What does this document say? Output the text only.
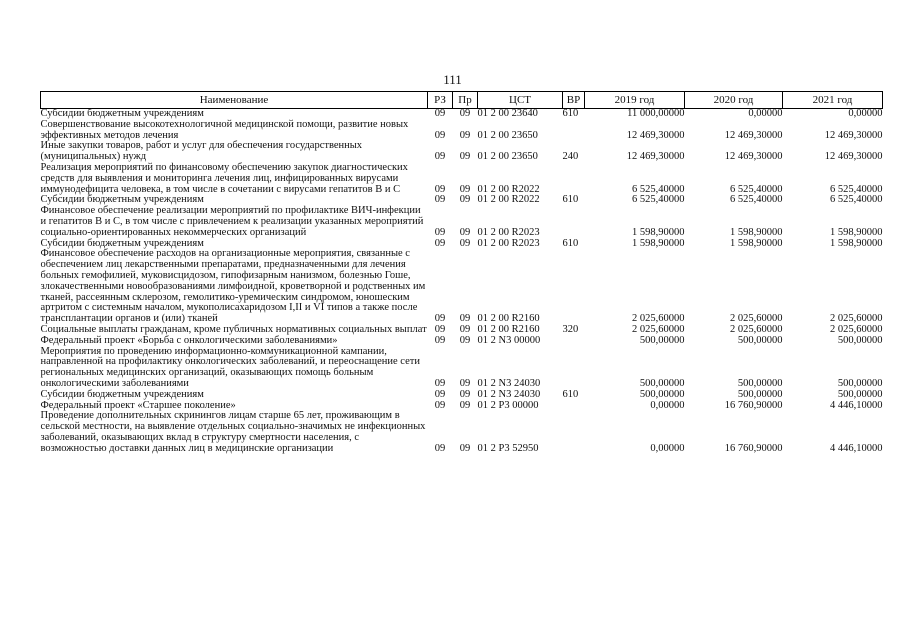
111
Наименование	РЗ	Пр	ЦСТ	ВР	2019 год	2020 год	2021 год
Субсидии бюджетным учреждениям	09	09	01 2 00 23640	610	11 000,00000	0,00000	0,00000
Совершенствование высокотехнологичной медицинской помощи, развитие новых эффективных методов лечения	09	09	01 2 00 23650		12 469,30000	12 469,30000	12 469,30000
Иные закупки товаров, работ и услуг для обеспечения государственных (муниципальных) нужд	09	09	01 2 00 23650	240	12 469,30000	12 469,30000	12 469,30000
Реализация мероприятий по финансовому обеспечению закупок диагностических средств для выявления и мониторинга лечения лиц, инфицированных вирусами иммунодефицита человека, в том числе в сочетании с вирусами гепатитов В и С	09	09	01 2 00 R2022		6 525,40000	6 525,40000	6 525,40000
Субсидии бюджетным учреждениям	09	09	01 2 00 R2022	610	6 525,40000	6 525,40000	6 525,40000
Финансовое обеспечение реализации мероприятий по профилактике ВИЧ-инфекции и гепатитов В и С, в том числе с привлечением к реализации указанных мероприятий социально-ориентированных некоммерческих организаций	09	09	01 2 00 R2023		1 598,90000	1 598,90000	1 598,90000
Субсидии бюджетным учреждениям	09	09	01 2 00 R2023	610	1 598,90000	1 598,90000	1 598,90000
Финансовое обеспечение расходов на организационные мероприятия, связанные с обеспечением лиц лекарственными препаратами, предназначенными для лечения больных гемофилией, муковисцидозом, гипофизарным нанизмом, болезнью Гоше, злокачественными новообразованиями лимфоидной, кроветворной и родственных им тканей, рассеянным склерозом, гемолитико-уремическим синдромом, юношеским артритом с системным началом, мукополисахаридозом I,II и VI типов а также после трансплантации органов и (или) тканей	09	09	01 2 00 R2160		2 025,60000	2 025,60000	2 025,60000
Социальные выплаты гражданам, кроме публичных нормативных социальных выплат	09	09	01 2 00 R2160	320	2 025,60000	2 025,60000	2 025,60000
Федеральный проект «Борьба с онкологическими заболеваниями»	09	09	01 2 N3 00000		500,00000	500,00000	500,00000
Мероприятия по проведению информационно-коммуникационной кампании, направленной на профилактику онкологических заболеваний, и переоснащение сети региональных медицинских организаций, оказывающих помощь больным онкологическими заболеваниями	09	09	01 2 N3 24030		500,00000	500,00000	500,00000
Субсидии бюджетным учреждениям	09	09	01 2 N3 24030	610	500,00000	500,00000	500,00000
Федеральный проект «Старшее поколение»	09	09	01 2 P3 00000		0,00000	16 760,90000	4 446,10000
Проведение дополнительных скринингов лицам старше 65 лет, проживающим в сельской местности, на выявление отдельных социально-значимых не инфекционных заболеваний, оказывающих вклад в структуру смертности населения, с возможностью доставки данных лиц в медицинские организации	09	09	01 2 P3 52950		0,00000	16 760,90000	4 446,10000
